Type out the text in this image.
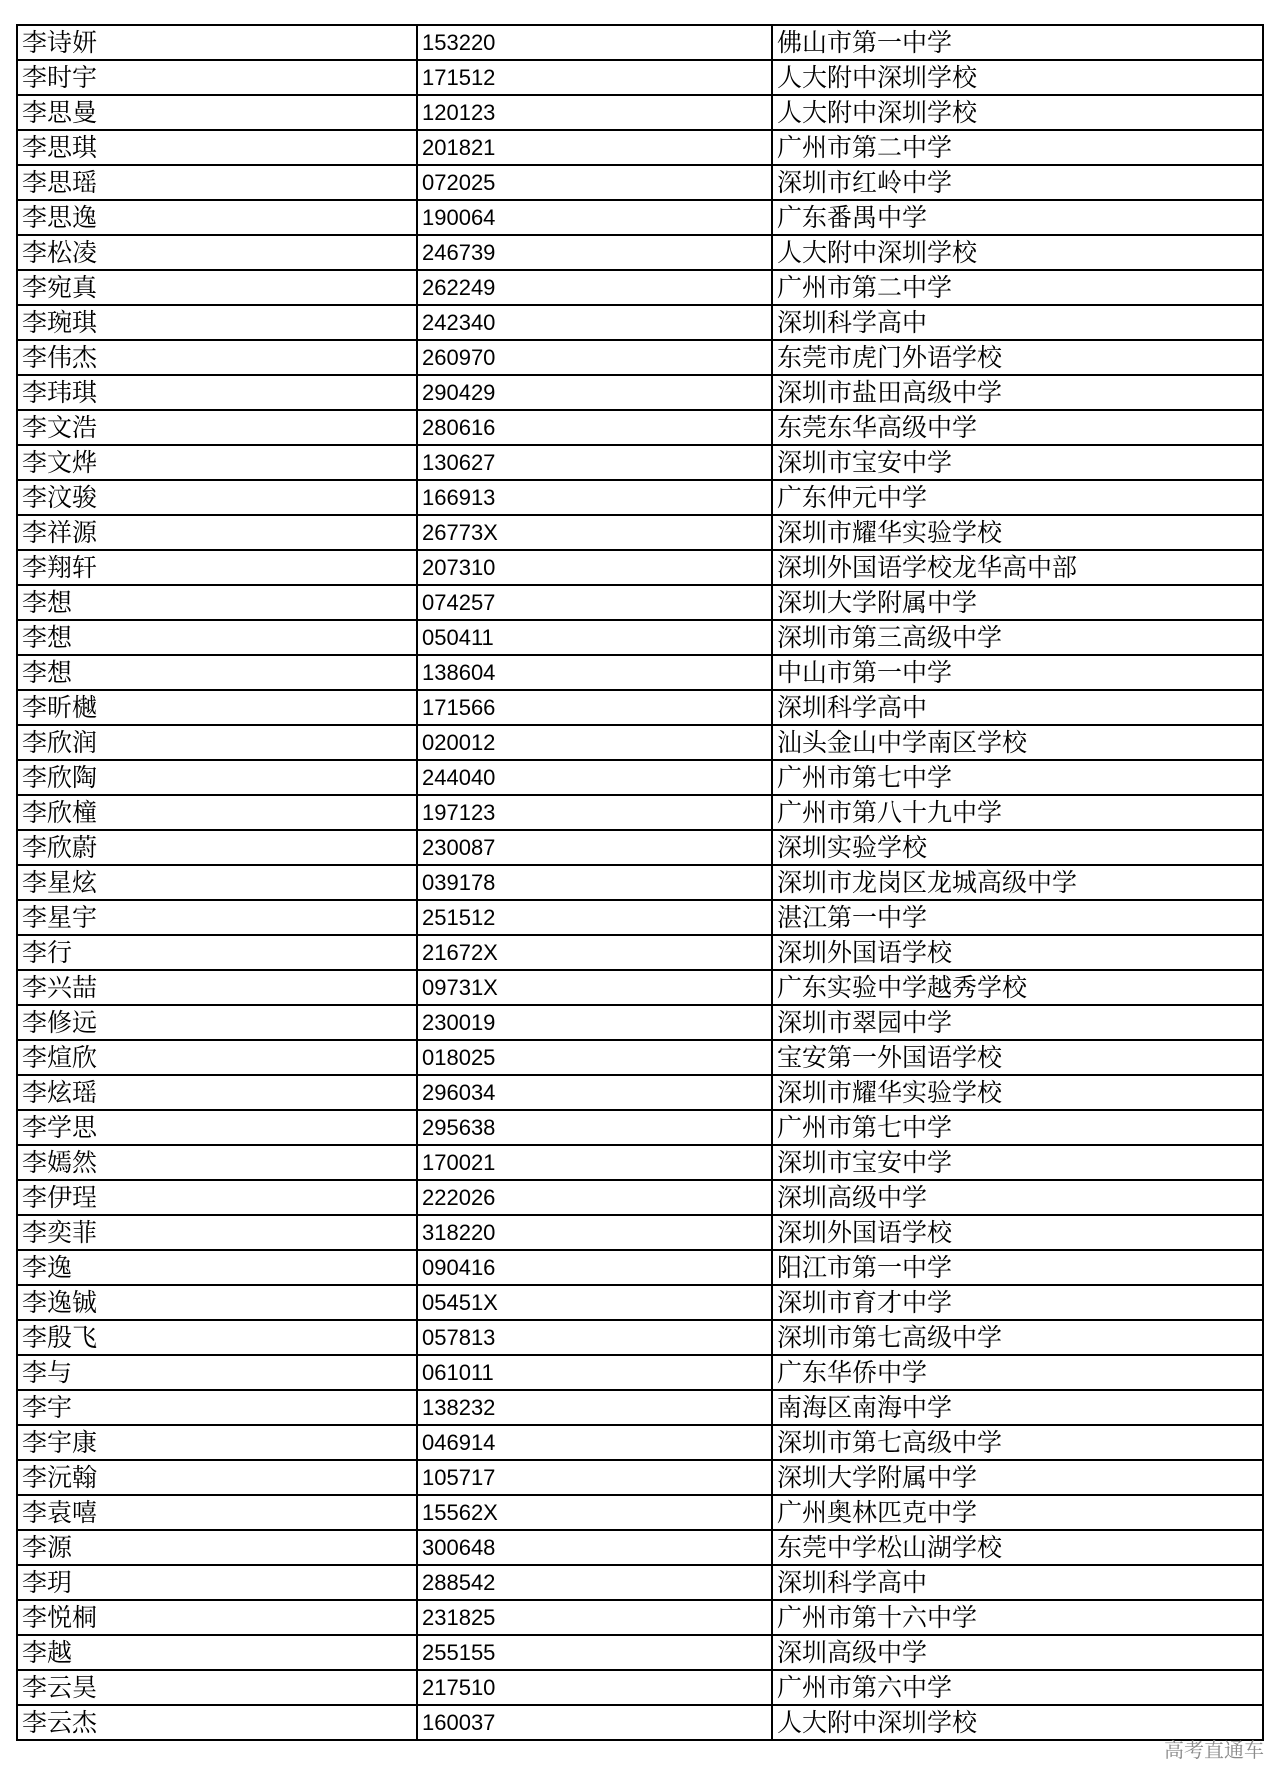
李诗妍	153220	佛山市第一中学
李时宇	171512	人大附中深圳学校
李思曼	120123	人大附中深圳学校
李思琪	201821	广州市第二中学
李思瑶	072025	深圳市红岭中学
李思逸	190064	广东番禺中学
李松凌	246739	人大附中深圳学校
李宛真	262249	广州市第二中学
李琬琪	242340	深圳科学高中
李伟杰	260970	东莞市虎门外语学校
李玮琪	290429	深圳市盐田高级中学
李文浩	280616	东莞东华高级中学
李文烨	130627	深圳市宝安中学
李汶骏	166913	广东仲元中学
李祥源	26773X	深圳市耀华实验学校
李翔轩	207310	深圳外国语学校龙华高中部
李想	074257	深圳大学附属中学
李想	050411	深圳市第三高级中学
李想	138604	中山市第一中学
李昕樾	171566	深圳科学高中
李欣润	020012	汕头金山中学南区学校
李欣陶	244040	广州市第七中学
李欣橦	197123	广州市第八十九中学
李欣蔚	230087	深圳实验学校
李星炫	039178	深圳市龙岗区龙城高级中学
李星宇	251512	湛江第一中学
李行	21672X	深圳外国语学校
李兴喆	09731X	广东实验中学越秀学校
李修远	230019	深圳市翠园中学
李煊欣	018025	宝安第一外国语学校
李炫瑶	296034	深圳市耀华实验学校
李学思	295638	广州市第七中学
李嫣然	170021	深圳市宝安中学
李伊珵	222026	深圳高级中学
李奕菲	318220	深圳外国语学校
李逸	090416	阳江市第一中学
李逸铖	05451X	深圳市育才中学
李殷飞	057813	深圳市第七高级中学
李与	061011	广东华侨中学
李宇	138232	南海区南海中学
李宇康	046914	深圳市第七高级中学
李沅翰	105717	深圳大学附属中学
李袁嘻	15562X	广州奥林匹克中学
李源	300648	东莞中学松山湖学校
李玥	288542	深圳科学高中
李悦桐	231825	广州市第十六中学
李越	255155	深圳高级中学
李云昊	217510	广州市第六中学
李云杰	160037	人大附中深圳学校
高考直通车
